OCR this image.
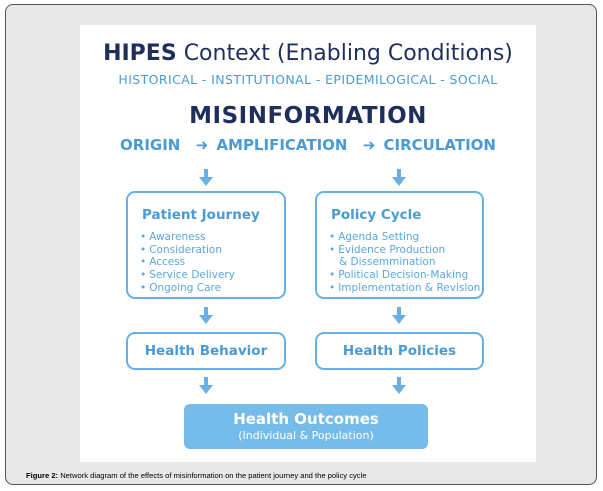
HIPES Context (Enabling Conditions)
HISTORICAL - INSTITUTIONAL - EPIDEMILOGICAL - SOCIAL
MISINFORMATION
ORIGIN ➜ AMPLIFICATION ➜ CIRCULATION
Patient Journey
• Awareness
• Consideration
• Access
• Service Delivery
• Ongoing Care
Policy Cycle
• Agenda Setting
• Evidence Production
& Dissemmination
• Political Decision-Making
• Implementation & Revision
Health Behavior	Health Policies
Health Outcomes
(Individual & Population)
Figure 2: Network diagram of the effects of misinformation on the patient journey and the policy cycle
